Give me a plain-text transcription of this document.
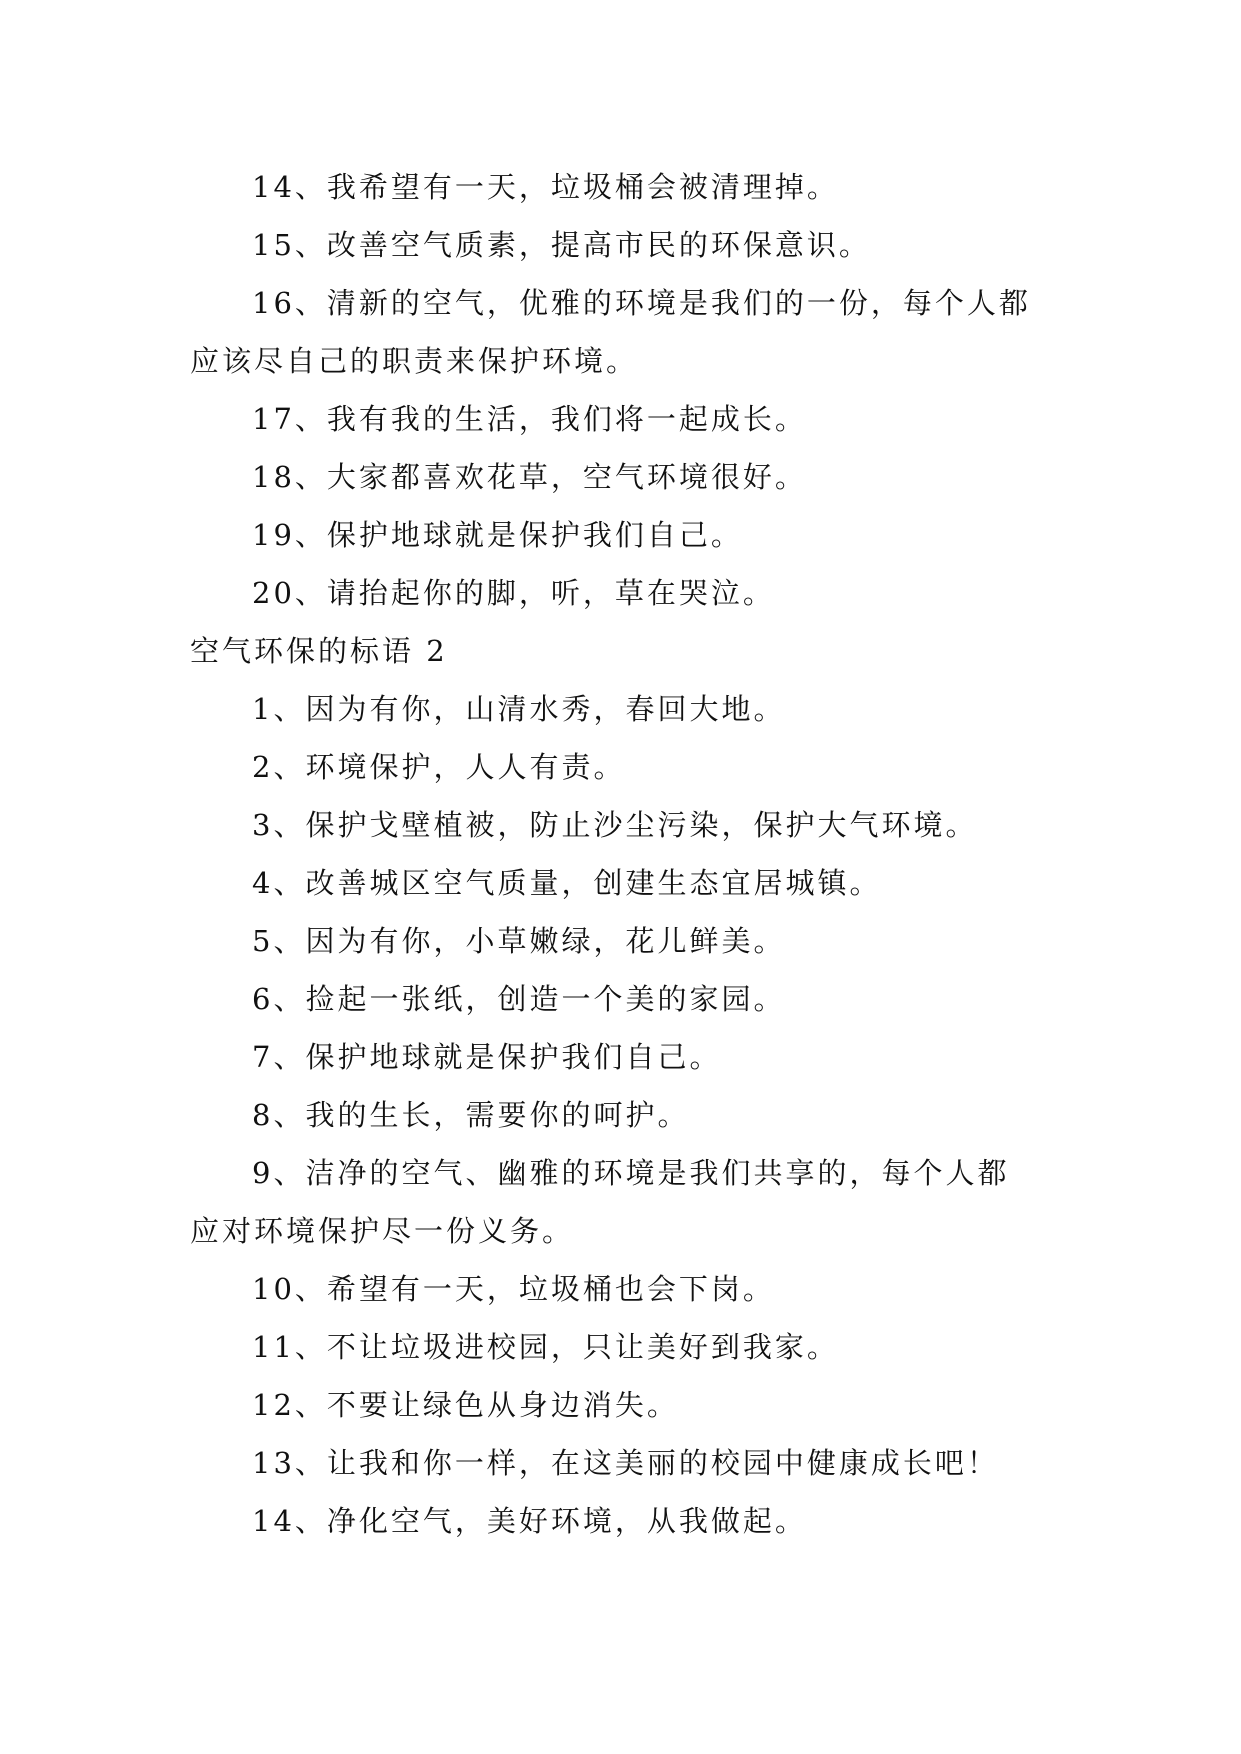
14、我希望有一天，垃圾桶会被清理掉。
15、改善空气质素，提高市民的环保意识。
16、清新的空气，优雅的环境是我们的一份，每个人都
应该尽自己的职责来保护环境。
17、我有我的生活，我们将一起成长。
18、大家都喜欢花草，空气环境很好。
19、保护地球就是保护我们自己。
20、请抬起你的脚，听，草在哭泣。
空气环保的标语 2
1、因为有你，山清水秀，春回大地。
2、环境保护，人人有责。
3、保护戈壁植被，防止沙尘污染，保护大气环境。
4、改善城区空气质量，创建生态宜居城镇。
5、因为有你，小草嫩绿，花儿鲜美。
6、捡起一张纸，创造一个美的家园。
7、保护地球就是保护我们自己。
8、我的生长，需要你的呵护。
9、洁净的空气、幽雅的环境是我们共享的，每个人都
应对环境保护尽一份义务。
10、希望有一天，垃圾桶也会下岗。
11、不让垃圾进校园，只让美好到我家。
12、不要让绿色从身边消失。
13、让我和你一样，在这美丽的校园中健康成长吧！
14、净化空气，美好环境，从我做起。
